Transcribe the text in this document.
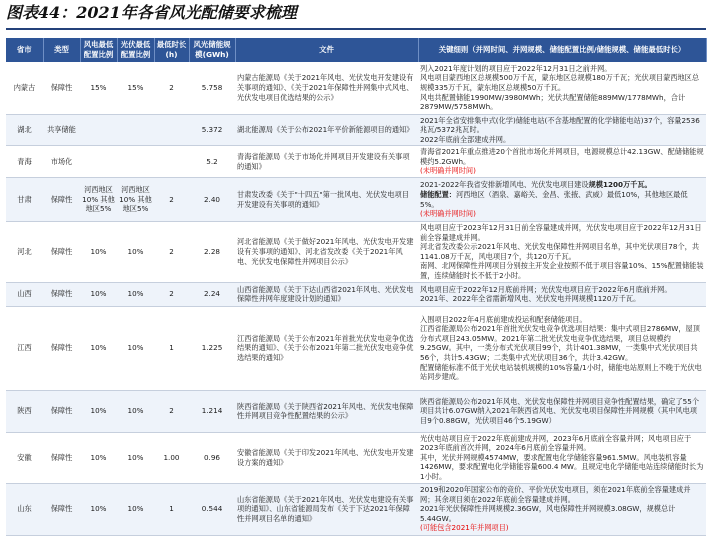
图表44：2021年各省风光配储要求梳理
省市	类型	风电最低配置比例	光伏最低配置比例	最低时长(h)	风光储能规模(GWh)	文件	关键细则（并网时间、并网规模、储能配置比例/储能规模、储能最低时长）
内蒙古	保障性	15%	15%	2	5.758	内蒙古能源局《关于2021年风电、光伏发电开发建设有关事项的通知》、《关于2021年保障性并网集中式风电、光伏发电项目优选结果的公示》	列入2021年度计划的项目应于2022年12月31日之前并网。
风电项目蒙西地区总规模500万千瓦，蒙东地区总规模180万千瓦；光伏项目蒙西地区总规模335万千瓦，蒙东地区总规模50万千瓦。
风电共配置储能1990MW/3980MWh；光伏共配置储能889MW/1778MWh，合计2879MW/5758MWh。
湖北	共享储能				5.372	湖北能源局《关于公布2021年平价新能源项目的通知》	2021年全省安排集中式(化学)储能电站(不含基地配置的化学储能电站)37个，容量2536兆瓦/5372兆瓦时。
2022年底前全部建成并网。
青海	市场化				5.2	青海省能源局《关于市场化并网项目开发建设有关事项的通知》	青海省2021年重点推进20个首批市场化并网项目，电源规模总计42.13GW、配储储能规模约5.2GWh。
(未明确并网时间)

甘肃	保障性	河西地区10% 其他地区5%	河西地区10% 其他地区5%	2	2.40	甘肃发改委《关于"十四五"第一批风电、光伏发电项目开发建设有关事项的通知》	2021-2022年我省安排新增风电、光伏发电项目建设规模1200万千瓦。
储能配置：河西地区（酒泉、嘉峪关、金昌、张掖、武威）最低10%，其他地区最低5%。
(未明确并网时间)

河北	保障性	10%	10%	2	2.28	河北省能源局《关于做好2021年风电、光伏发电开发建设有关事项的通知》、河北省发改委《关于2021年风电、光伏发电保障性并网项目公示》	风电项目应于2023年12月31日前全容量建成并网，光伏发电项目应于2022年12月31日前全容量建成并网。
河北省发改委公示2021年风电、光伏发电保障性并网项目名单，其中光伏项目78个，共1141.08万千瓦，风电项目7个，共120万千瓦。
南网、北网保障性并网项目分别按主开发企业按照不低于项目容量10%、15%配置储能装置，连续储能时长不低于2小时。
山西	保障性	10%	10%	2	2.24	山西省能源局《关于下达山西省2021年风电、光伏发电保障性并网年度建设计划的通知》	风电项目应于2022年12月底前并网；光伏发电项目应于2022年6月底前并网。
2021年、2022年全省需新增风电、光伏发电并网规模1120万千瓦。
江西	保障性	10%	10%	1	1.225	江西省能源局《关于公布2021年首批光伏发电竞争优选结果的通知》、《关于公布2021年第二批光伏发电竞争优选结果的通知》	入围项目2022年4月底前建成投运和配套储能项目。
江西省能源局公布2021年首批光伏发电竞争优选项目结果：集中式项目2786MW，屋顶分布式项目243.05MW。2021年第二批光伏发电竞争优选结果，项目总规模约9.25GW。其中，一类分布式光伏项目99个，共计401.38MW，一类集中式光伏项目共56个，共计5.43GW；二类集中式光伏项目36个，共计3.42GW。
配置储能标准不低于光伏电站装机规模的10%容量/1小时，储能电站原则上不晚于光伏电站同步建成。
陕西	保障性	10%	10%	2	1.214	陕西省能源局《关于陕西省2021年风电、光伏发电保障性并网项目竞争性配置结果的公示》	陕西省能源局公布2021年风电、光伏发电保障性并网项目竞争性配置结果，确定了55个项目共计6.07GW纳入2021年陕西省风电、光伏发电项目保障性并网规模（其中风电项目9个0.88GW，光伏项目46个5.19GW）
安徽	保障性	10%	10%	1.00	0.96	安徽省能源局《关于印发2021年风电、光伏发电开发建设方案的通知》	光伏电站项目应于2022年底前建成并网，2023年6月底前全容量并网；风电项目应于2023年底前首次并网，2024年6月底前全容量并网。
其中，光伏并网规模4574MW，要求配置电化学储能容量961.5MW。风电装机容量1426MW，要求配置电化学储能容量600.4 MW。且规定电化学储能电站连续储能时长为1小时。
山东	保障性	10%	10%	1	0.544	山东省能源局《关于2021年风电、光伏发电建设有关事项的通知》、山东省能源局发布《关于下达2021年保障性并网项目名单的通知》	2019和2020年国家公布的竞价、平价光伏发电项目，须在2021年底前全容量建成并网；其余项目须在2022年底前全容量建成并网。
2021年光伏保障性并网规模2.36GW，风电保障性并网规模3.08GW，规模总计5.44GW。
(可能包含2021年并网项目)
